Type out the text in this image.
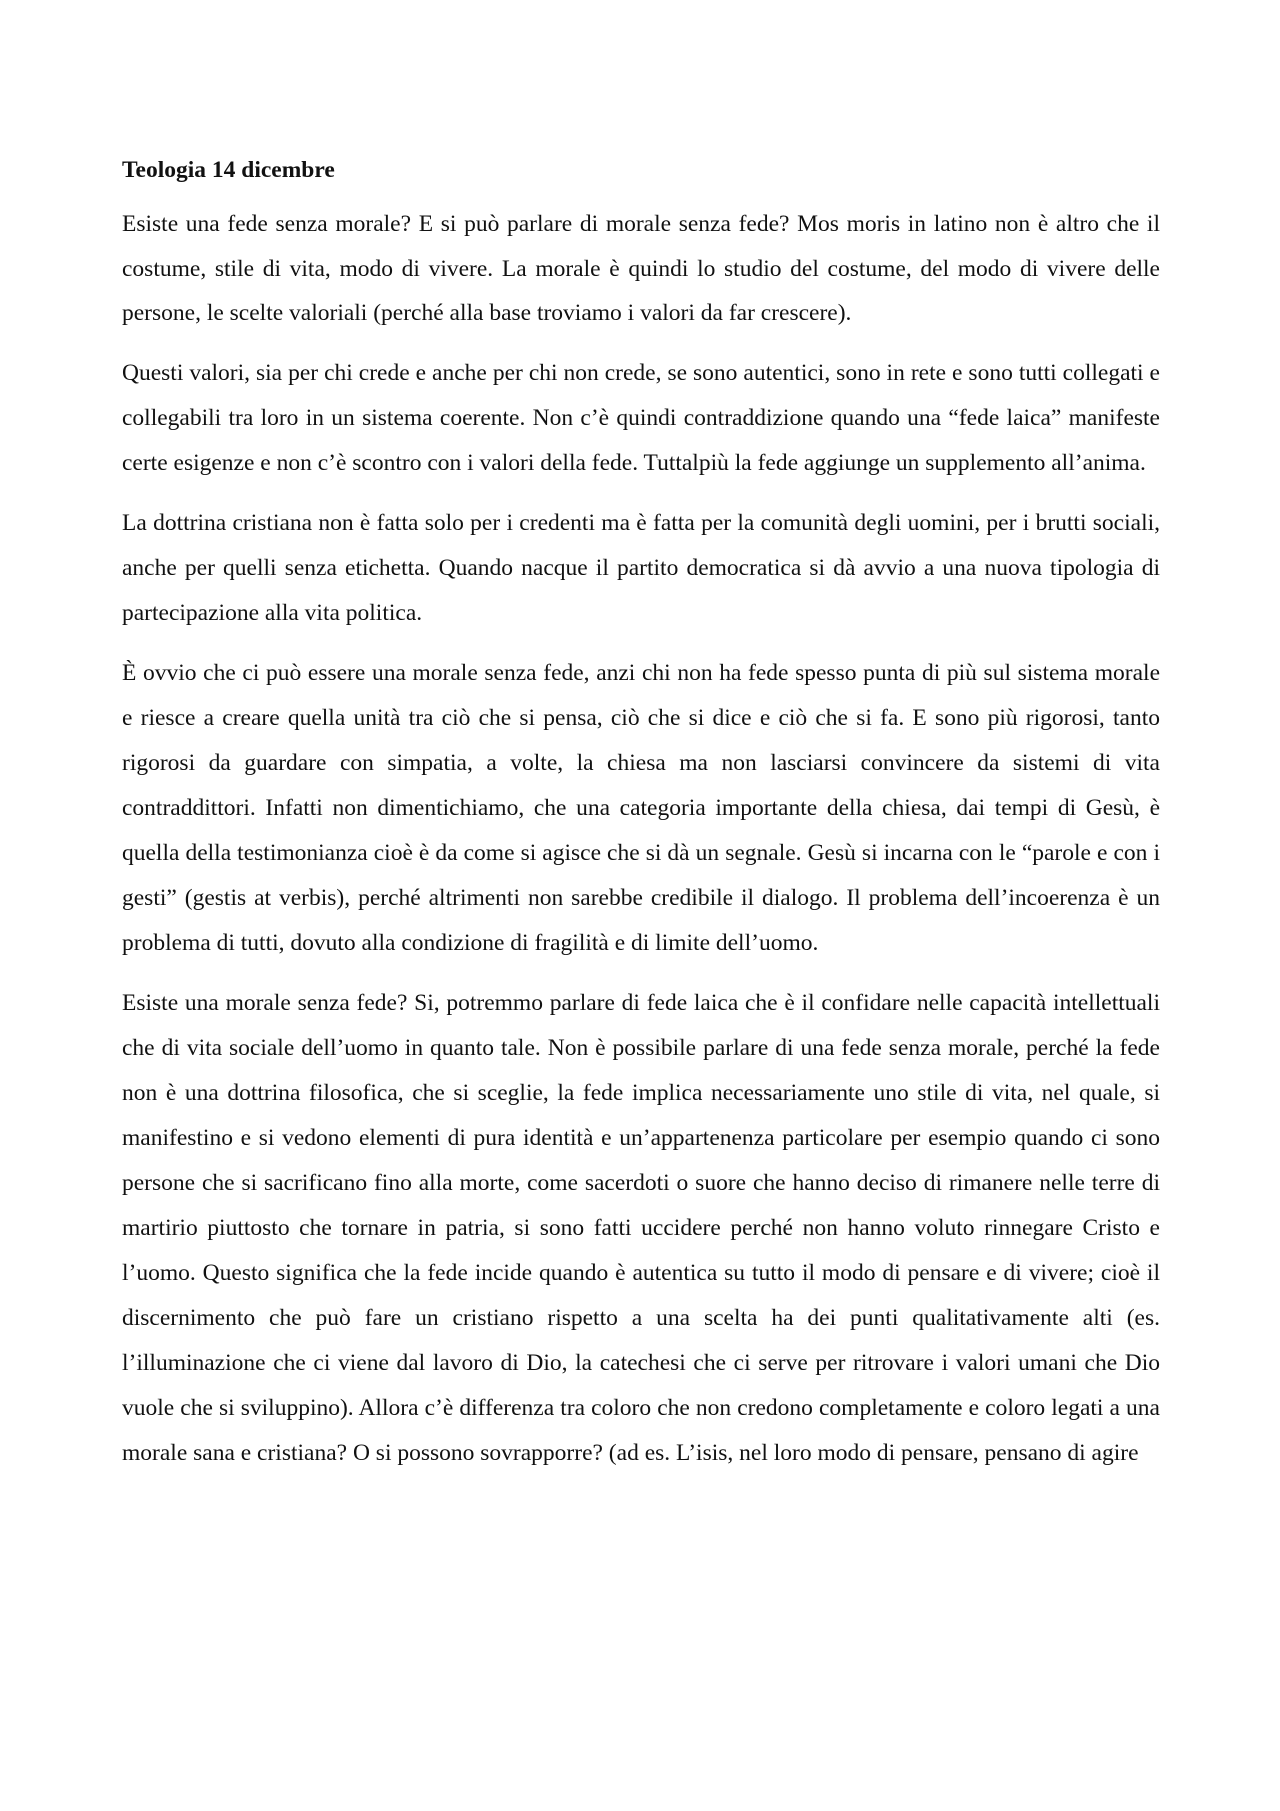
Teologia 14 dicembre

Esiste una fede senza morale? E si può parlare di morale senza fede? Mos moris in latino non è altro che il costume, stile di vita, modo di vivere. La morale è quindi lo studio del costume, del modo di vivere delle persone, le scelte valoriali (perché alla base troviamo i valori da far crescere).

Questi valori, sia per chi crede e anche per chi non crede, se sono autentici, sono in rete e sono tutti collegati e collegabili tra loro in un sistema coerente. Non c’è quindi contraddizione quando una “fede laica” manifeste certe esigenze e non c’è scontro con i valori della fede. Tuttalpiù la fede aggiunge un supplemento all’anima.

La dottrina cristiana non è fatta solo per i credenti ma è fatta per la comunità degli uomini, per i brutti sociali, anche per quelli senza etichetta. Quando nacque il partito democratica si dà avvio a una nuova tipologia di partecipazione alla vita politica.

È ovvio che ci può essere una morale senza fede, anzi chi non ha fede spesso punta di più sul sistema morale e riesce a creare quella unità tra ciò che si pensa, ciò che si dice e ciò che si fa. E sono più rigorosi, tanto rigorosi da guardare con simpatia, a volte, la chiesa ma non lasciarsi convincere da sistemi di vita contraddittori. Infatti non dimentichiamo, che una categoria importante della chiesa, dai tempi di Gesù, è quella della testimonianza cioè è da come si agisce che si dà un segnale. Gesù si incarna con le “parole e con i gesti” (gestis at verbis), perché altrimenti non sarebbe credibile il dialogo. Il problema dell’incoerenza è un problema di tutti, dovuto alla condizione di fragilità e di limite dell’uomo.

Esiste una morale senza fede? Si, potremmo parlare di fede laica che è il confidare nelle capacità intellettuali che di vita sociale dell’uomo in quanto tale. Non è possibile parlare di una fede senza morale, perché la fede non è una dottrina filosofica, che si sceglie, la fede implica necessariamente uno stile di vita, nel quale, si manifestino e si vedono elementi di pura identità e un’appartenenza particolare per esempio quando ci sono persone che si sacrificano fino alla morte, come sacerdoti o suore che hanno deciso di rimanere nelle terre di martirio piuttosto che tornare in patria, si sono fatti uccidere perché non hanno voluto rinnegare Cristo e l’uomo. Questo significa che la fede incide quando è autentica su tutto il modo di pensare e di vivere; cioè il discernimento che può fare un cristiano rispetto a una scelta ha dei punti qualitativamente alti (es. l’illuminazione che ci viene dal lavoro di Dio, la catechesi che ci serve per ritrovare i valori umani che Dio vuole che si sviluppino). Allora c’è differenza tra coloro che non credono completamente e coloro legati a una morale sana e cristiana? O si possono sovrapporre? (ad es. L’isis, nel loro modo di pensare, pensano di agire
